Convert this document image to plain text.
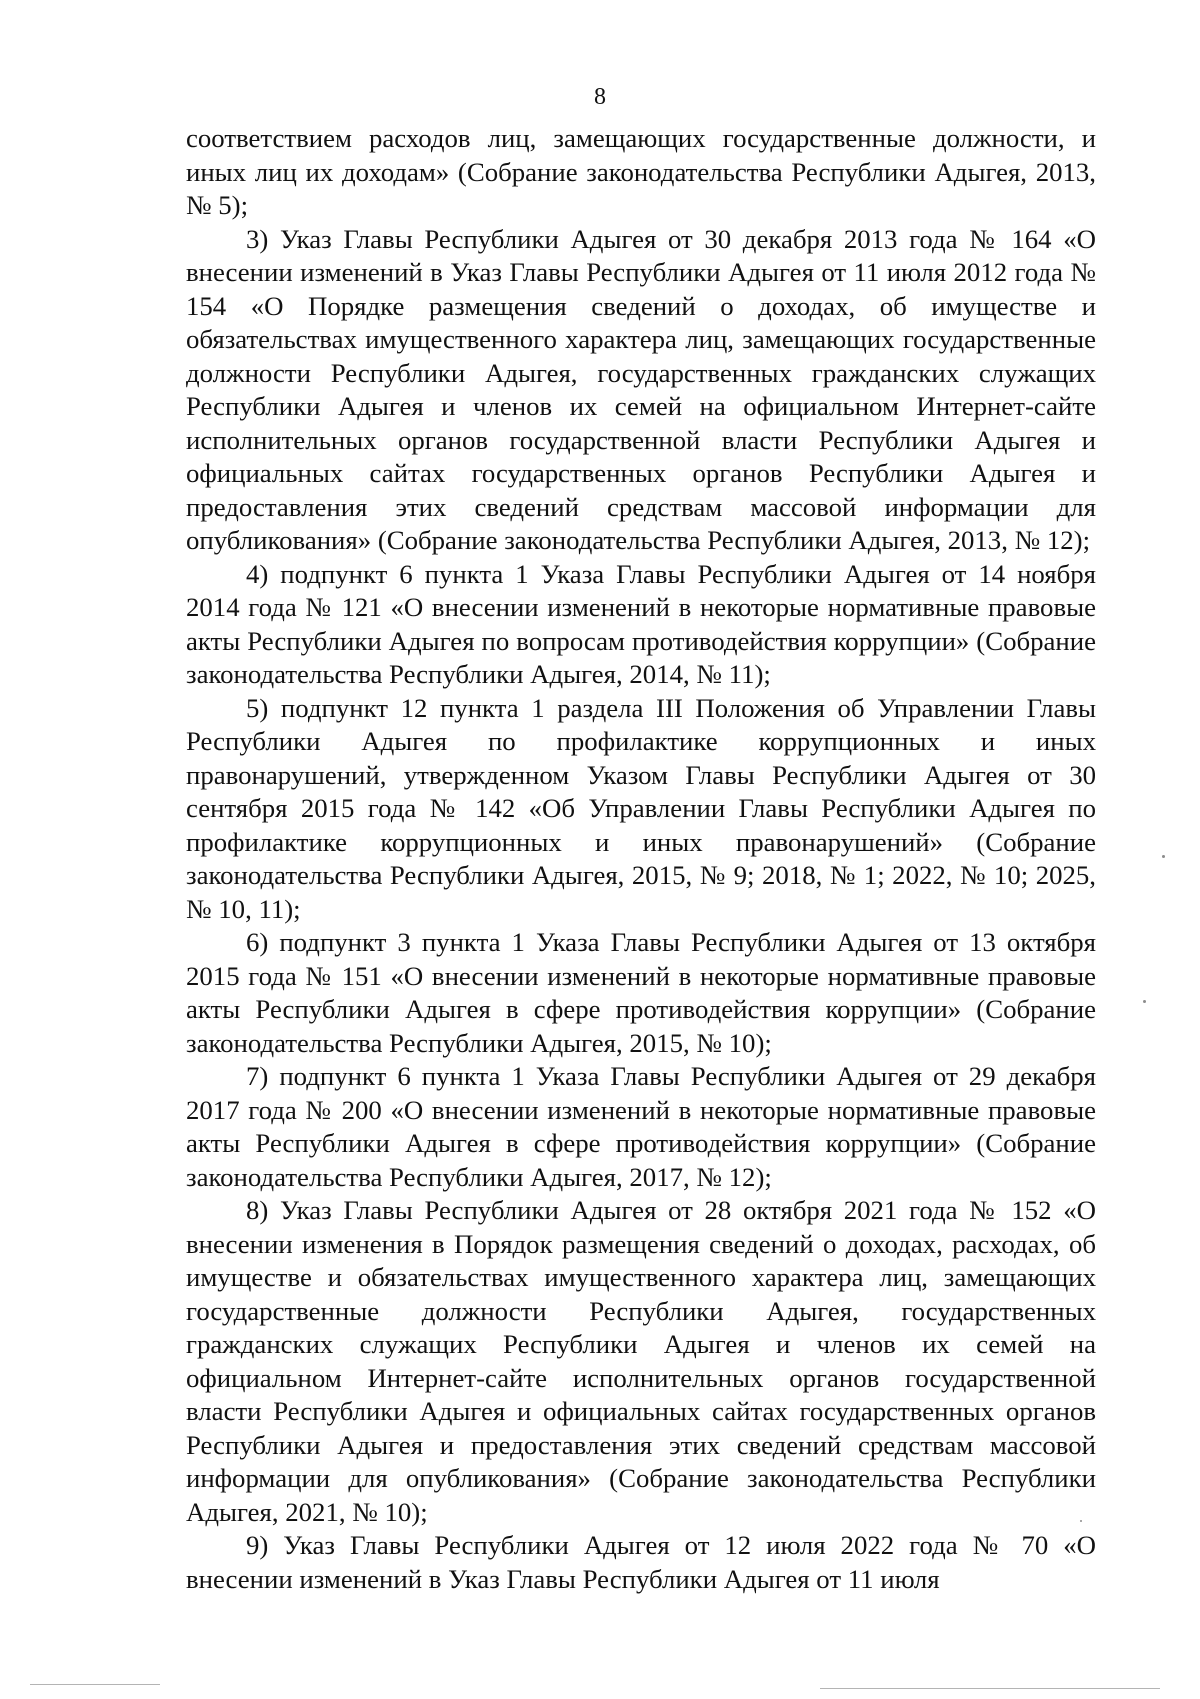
8

соответствием расходов лиц, замещающих государственные должности, и иных лиц их доходам» (Собрание законодательства Республики Адыгея, 2013, № 5);

3) Указ Главы Республики Адыгея от 30 декабря 2013 года № 164 «О внесении изменений в Указ Главы Республики Адыгея от 11 июля 2012 года № 154 «О Порядке размещения сведений о доходах, об имуществе и обязательствах имущественного характера лиц, замещающих государственные должности Республики Адыгея, государственных гражданских служащих Республики Адыгея и членов их семей на официальном Интернет-сайте исполнительных органов государственной власти Республики Адыгея и официальных сайтах государственных органов Республики Адыгея и предоставления этих сведений средствам массовой информации для опубликования» (Собрание законодательства Республики Адыгея, 2013, № 12);

4) подпункт 6 пункта 1 Указа Главы Республики Адыгея от 14 ноября 2014 года № 121 «О внесении изменений в некоторые нормативные правовые акты Республики Адыгея по вопросам противодействия коррупции» (Собрание законодательства Республики Адыгея, 2014, № 11);

5) подпункт 12 пункта 1 раздела III Положения об Управлении Главы Республики Адыгея по профилактике коррупционных и иных правонарушений, утвержденном Указом Главы Республики Адыгея от 30 сентября 2015 года № 142 «Об Управлении Главы Республики Адыгея по профилактике коррупционных и иных правонарушений» (Собрание законодательства Республики Адыгея, 2015, № 9; 2018, № 1; 2022, № 10; 2025, № 10, 11);

6) подпункт 3 пункта 1 Указа Главы Республики Адыгея от 13 октября 2015 года № 151 «О внесении изменений в некоторые нормативные правовые акты Республики Адыгея в сфере противодействия коррупции» (Собрание законодательства Республики Адыгея, 2015, № 10);

7) подпункт 6 пункта 1 Указа Главы Республики Адыгея от 29 декабря 2017 года № 200 «О внесении изменений в некоторые нормативные правовые акты Республики Адыгея в сфере противодействия коррупции» (Собрание законодательства Республики Адыгея, 2017, № 12);

8) Указ Главы Республики Адыгея от 28 октября 2021 года № 152 «О внесении изменения в Порядок размещения сведений о доходах, расходах, об имуществе и обязательствах имущественного характера лиц, замещающих государственные должности Республики Адыгея, государственных гражданских служащих Республики Адыгея и членов их семей на официальном Интернет-сайте исполнительных органов государственной власти Республики Адыгея и официальных сайтах государственных органов Республики Адыгея и предоставления этих сведений средствам массовой информации для опубликования» (Собрание законодательства Республики Адыгея, 2021, № 10);

9) Указ Главы Республики Адыгея от 12 июля 2022 года № 70 «О внесении изменений в Указ Главы Республики Адыгея от 11 июля
